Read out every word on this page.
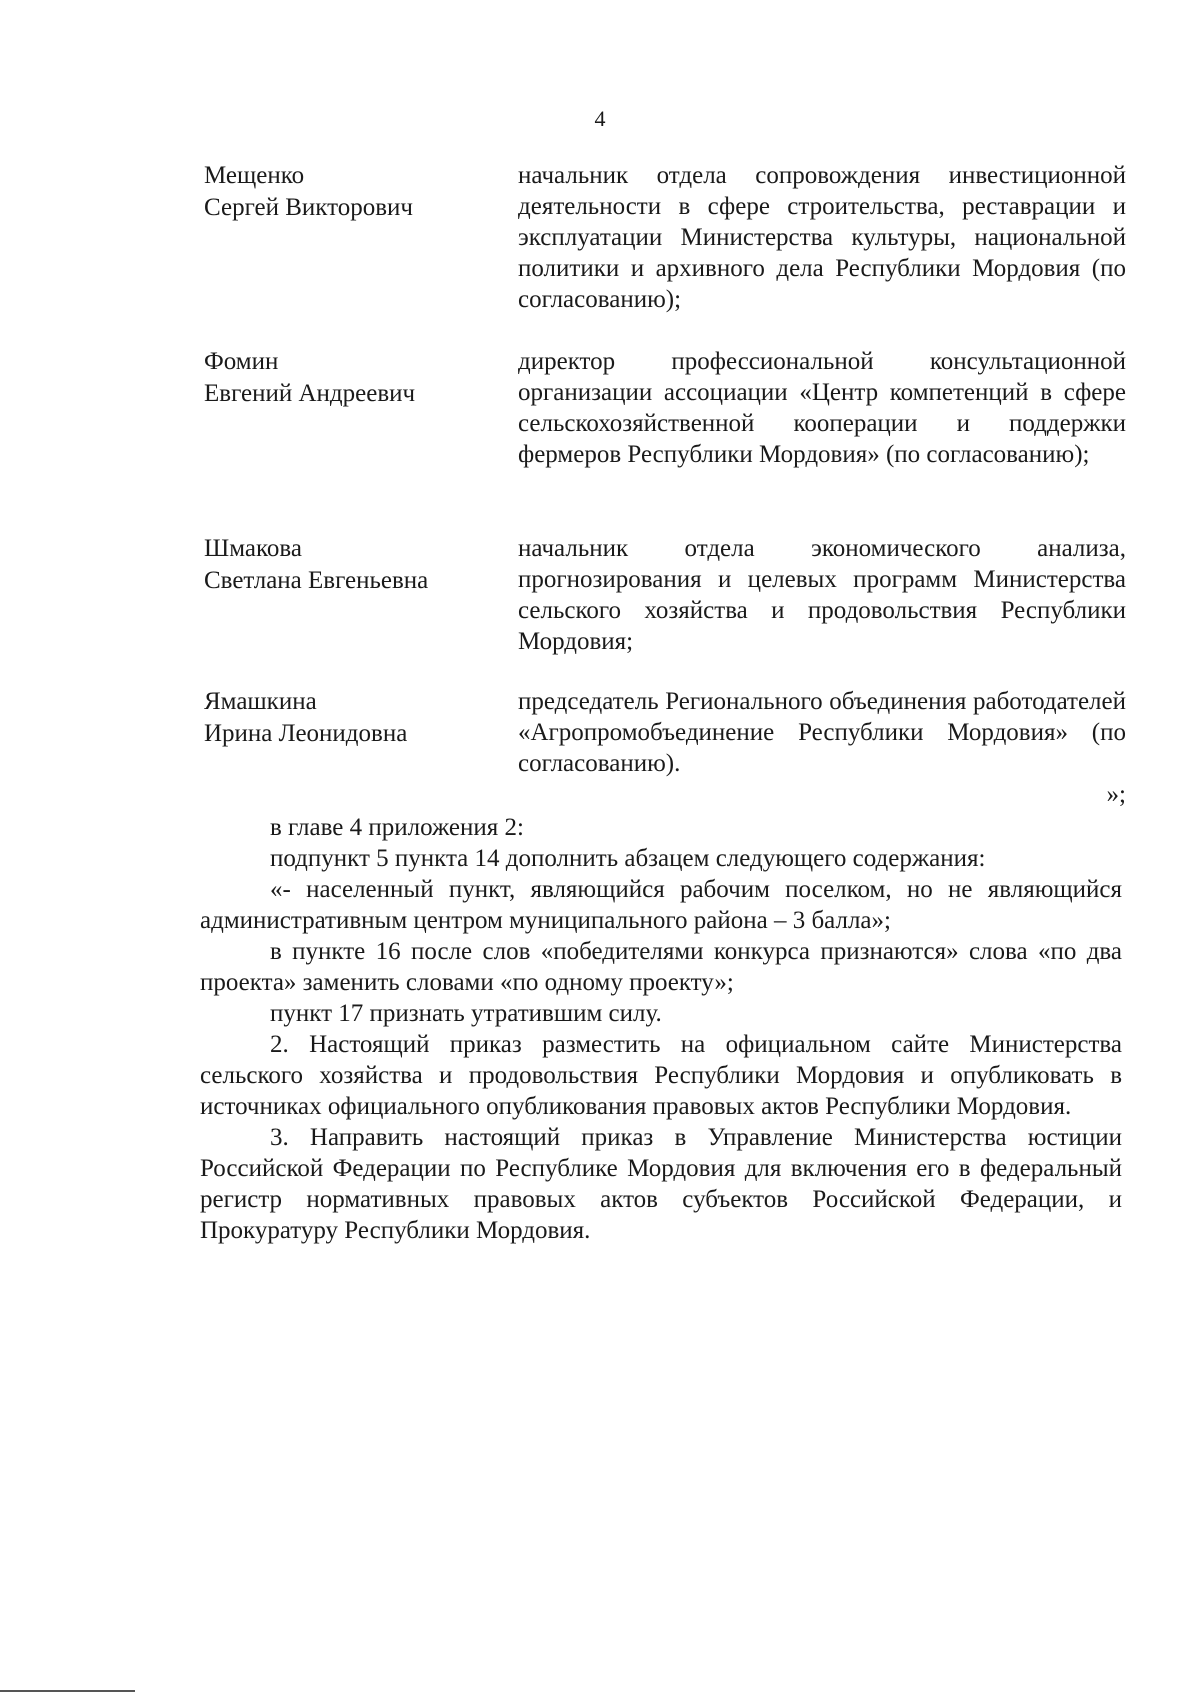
4
Мещенко
Сергей Викторович
начальник отдела сопровождения инвестиционной деятельности в сфере строительства, реставрации и эксплуатации Министерства культуры, национальной политики и архивного дела Республики Мордовия (по согласованию);
Фомин
Евгений Андреевич
директор профессиональной консультационной организации ассоциации «Центр компетенций в сфере сельскохозяйственной кооперации и поддержки фермеров Республики Мордовия» (по согласованию);
Шмакова
Светлана Евгеньевна
начальник отдела экономического анализа, прогнозирования и целевых программ Министерства сельского хозяйства и продовольствия Республики Мордовия;
Ямашкина
Ирина Леонидовна
председатель Регионального объединения работодателей «Агропромобъединение Республики Мордовия» (по согласованию).
»;

в главе 4 приложения 2:

подпункт 5 пункта 14 дополнить абзацем следующего содержания:

«- населенный пункт, являющийся рабочим поселком, но не являющийся административным центром муниципального района – 3 балла»;

в пункте 16 после слов «победителями конкурса признаются» слова «по два проекта» заменить словами «по одному проекту»;

пункт 17 признать утратившим силу.

2. Настоящий приказ разместить на официальном сайте Министерства сельского хозяйства и продовольствия Республики Мордовия и опубликовать в источниках официального опубликования правовых актов Республики Мордовия.

3. Направить настоящий приказ в Управление Министерства юстиции Российской Федерации по Республике Мордовия для включения его в федеральный регистр нормативных правовых актов субъектов Российской Федерации, и Прокуратуру Республики Мордовия.
